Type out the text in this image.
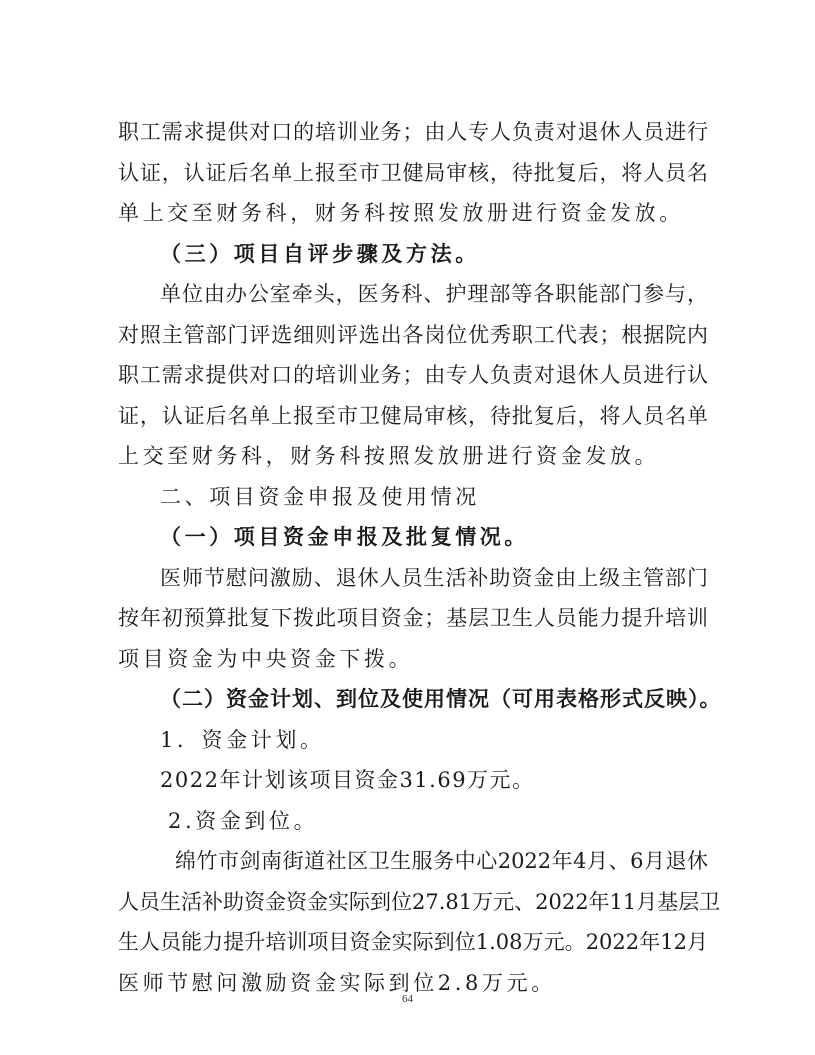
职工需求提供对口的培训业务；由人专人负责对退休人员进行
认证，认证后名单上报至市卫健局审核，待批复后，将人员名
单上交至财务科，财务科按照发放册进行资金发放。
（三）项目自评步骤及方法。
单位由办公室牵头，医务科、护理部等各职能部门参与，
对照主管部门评选细则评选出各岗位优秀职工代表；根据院内
职工需求提供对口的培训业务；由专人负责对退休人员进行认
证，认证后名单上报至市卫健局审核，待批复后，将人员名单
上交至财务科，财务科按照发放册进行资金发放。
二、项目资金申报及使用情况
（一）项目资金申报及批复情况。
医师节慰问激励、退休人员生活补助资金由上级主管部门
按年初预算批复下拨此项目资金；基层卫生人员能力提升培训
项目资金为中央资金下拨。
（二）资金计划、到位及使用情况（可用表格形式反映）。
1．资金计划。
2022年计划该项目资金31.69万元。
2.资金到位。
绵竹市剑南街道社区卫生服务中心2022年4月、6月退休
人员生活补助资金资金实际到位27.81万元、2022年11月基层卫
生人员能力提升培训项目资金实际到位1.08万元。2022年12月
医师节慰问激励资金实际到位2.8万元。
64
